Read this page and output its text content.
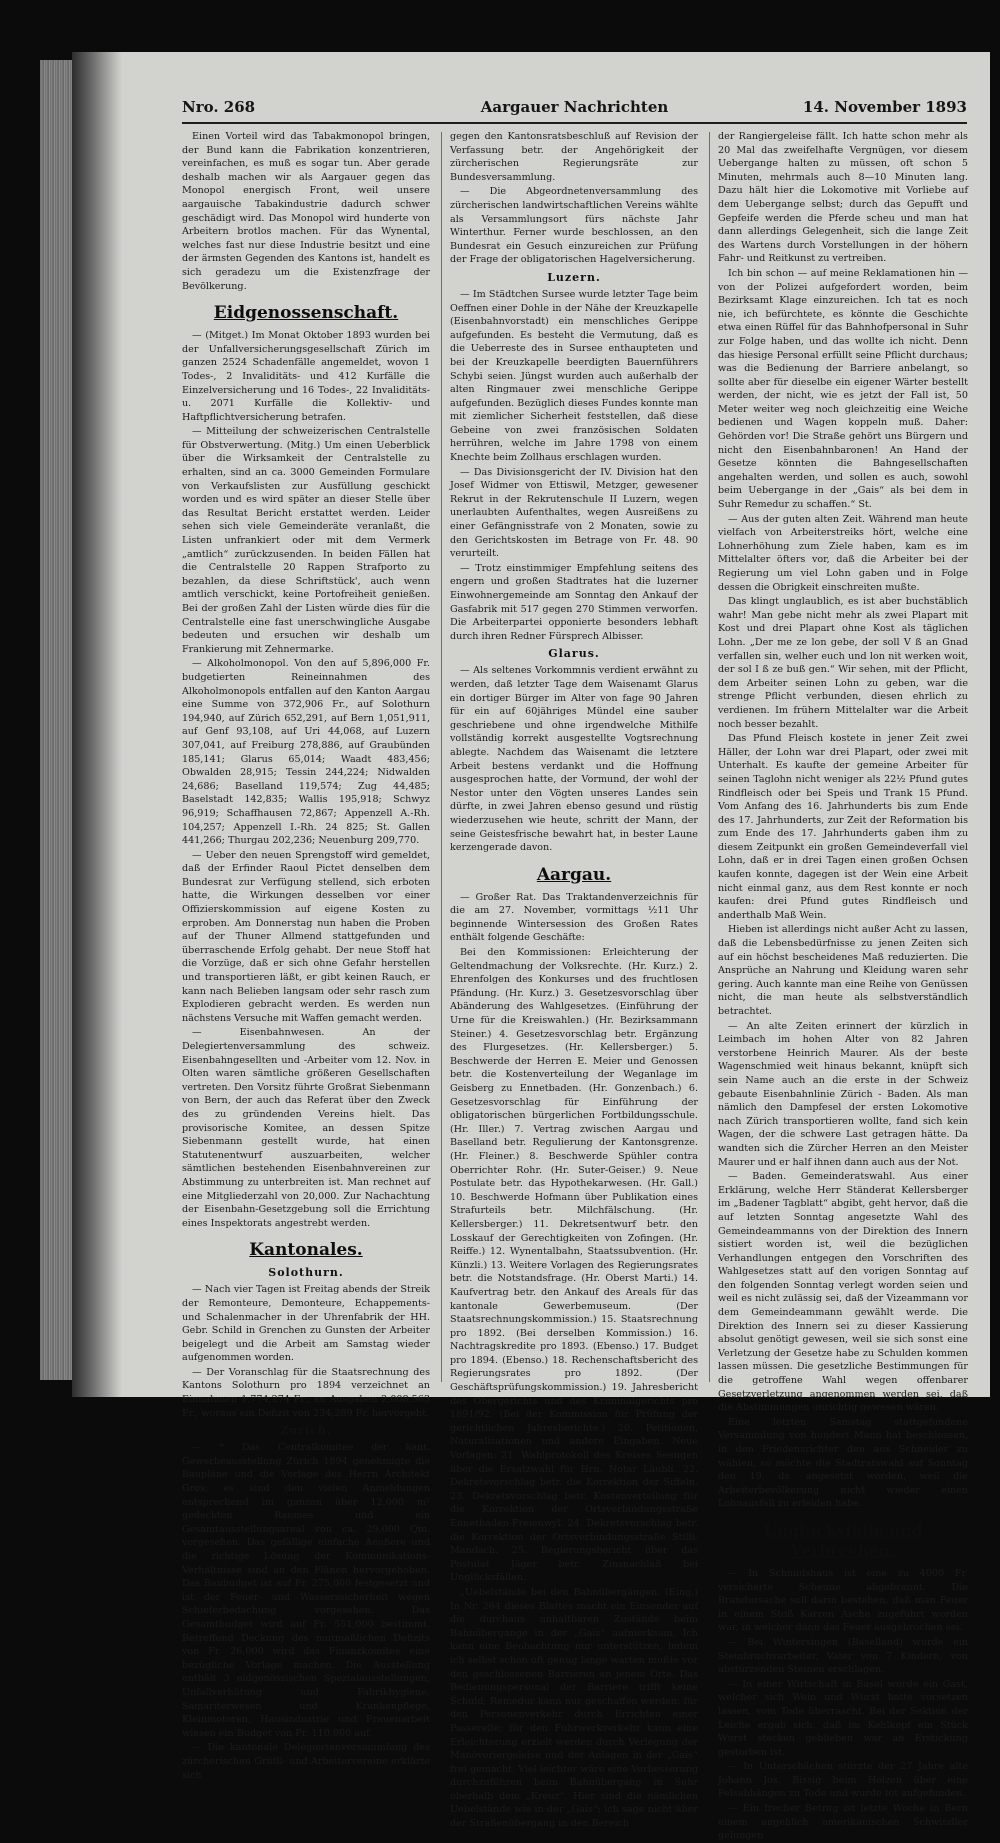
Nro. 268	Aargauer Nachrichten	14. November 1893

Einen Vorteil wird das Tabakmonopol bringen, der Bund kann die Fabrikation konzentrieren, vereinfachen, es muß es sogar tun. Aber gerade deshalb machen wir als Aargauer gegen das Monopol energisch Front, weil unsere aargauische Tabakindustrie dadurch schwer geschädigt wird. Das Monopol wird hunderte von Arbeitern brotlos machen. Für das Wynental, welches fast nur diese Industrie besitzt und eine der ärmsten Gegenden des Kantons ist, handelt es sich geradezu um die Existenzfrage der Bevölkerung.

Eidgenossenschaft.

— (Mitget.) Im Monat Oktober 1893 wurden bei der Unfallversicherungsgesellschaft Zürich im ganzen 2524 Schadenfälle angemeldet, wovon 1 Todes-, 2 Invaliditäts- und 412 Kurfälle die Einzelversicherung und 16 Todes-, 22 Invaliditäts- u. 2071 Kurfälle die Kollektiv- und Haftpflichtversicherung betrafen.

— Mitteilung der schweizerischen Centralstelle für Obstverwertung. (Mitg.) Um einen Ueberblick über die Wirksamkeit der Centralstelle zu erhalten, sind an ca. 3000 Gemeinden Formulare von Verkaufslisten zur Ausfüllung geschickt worden und es wird später an dieser Stelle über das Resultat Bericht erstattet werden. Leider sehen sich viele Gemeinderäte veranlaßt, die Listen unfrankiert oder mit dem Vermerk „amtlich“ zurückzusenden. In beiden Fällen hat die Centralstelle 20 Rappen Strafporto zu bezahlen, da diese Schriftstück', auch wenn amtlich verschickt, keine Portofreiheit genießen. Bei der großen Zahl der Listen würde dies für die Centralstelle eine fast unerschwingliche Ausgabe bedeuten und ersuchen wir deshalb um Frankierung mit Zehnermarke.

— Alkoholmonopol. Von den auf 5,896,000 Fr. budgetierten Reineinnahmen des Alkoholmonopols entfallen auf den Kanton Aargau eine Summe von 372,906 Fr., auf Solothurn 194,940, auf Zürich 652,291, auf Bern 1,051,911, auf Genf 93,108, auf Uri 44,068, auf Luzern 307,041, auf Freiburg 278,886, auf Graubünden 185,141; Glarus 65,014; Waadt 483,456; Obwalden 28,915; Tessin 244,224; Nidwalden 24,686; Baselland 119,574; Zug 44,485; Baselstadt 142,835; Wallis 195,918; Schwyz 96,919; Schaffhausen 72,867; Appenzell A.-Rh. 104,257; Appenzell I.-Rh. 24 825; St. Gallen 441,266; Thurgau 202,236; Neuenburg 209,770.

— Ueber den neuen Sprengstoff wird gemeldet, daß der Erfinder Raoul Pictet denselben dem Bundesrat zur Verfügung stellend, sich erboten hatte, die Wirkungen desselben vor einer Offizierskommission auf eigene Kosten zu erproben. Am Donnerstag nun haben die Proben auf der Thuner Allmend stattgefunden und überraschende Erfolg gehabt. Der neue Stoff hat die Vorzüge, daß er sich ohne Gefahr herstellen und transportieren läßt, er gibt keinen Rauch, er kann nach Belieben langsam oder sehr rasch zum Explodieren gebracht werden. Es werden nun nächstens Versuche mit Waffen gemacht werden.

— Eisenbahnwesen. An der Delegiertenversammlung des schweiz. Eisenbahngesellten und -Arbeiter vom 12. Nov. in Olten waren sämtliche größeren Gesellschaften vertreten. Den Vorsitz führte Großrat Siebenmann von Bern, der auch das Referat über den Zweck des zu gründenden Vereins hielt. Das provisorische Komitee, an dessen Spitze Siebenmann gestellt wurde, hat einen Statutenentwurf auszuarbeiten, welcher sämtlichen bestehenden Eisenbahnvereinen zur Abstimmung zu unterbreiten ist. Man rechnet auf eine Mitgliederzahl von 20,000. Zur Nachachtung der Eisenbahn-Gesetzgebung soll die Errichtung eines Inspektorats angestrebt werden.

Kantonales.
Solothurn.

— Nach vier Tagen ist Freitag abends der Streik der Remonteure, Demonteure, Echappements- und Schalenmacher in der Uhrenfabrik der HH. Gebr. Schild in Grenchen zu Gunsten der Arbeiter beigelegt und die Arbeit am Samstag wieder aufgenommen worden.

— Der Voranschlag für die Staatsrechnung des Kantons Solothurn pro 1894 verzeichnet an Einnahmen 1,774,274 Fr., an Ausgaben 2,008,563 Fr., woraus ein Defizit von 234,289 Fr. hervorgeht.

Zürich.

— * Das Centralkomitee der kant. Gewerbeausstellung Zürich 1894 genehmigte die Baupläne und die Vorlage des Herrn Architekt Gros; es sind den vielen Anmeldungen entsprechend im ganzen über 12,000 m² gedeckten Raumes und ein Gesamtausstellungsareal von ca. 29,000 Qm. vorgesehen. Das gefällige einfache Aeußere und die richtige Lösung der Kommunikations-Verhältnisse sind an den Plänen hervorgehoben. Das Baubudget ist auf Fr. 275,000 festgesetzt und ist der Feuer- und Wasserssicherheit wegen Schieferbedachung vorgesehen. Das Gesamtbudget wird auf Fr. 551,000 bestimmt. Betreffend Deckung des mutmaßlichen Defizits von Fr. 26,000 wird das Finanzkomitee eine bezügliche Vorlage machen. Die Ausstellung enthält 3 eidgenössischen Spezialausstellungen, Unfallverhütung und Fabrikhygiene, Samariterwesen und Krankenpflege, Kleinmotoren, Hausindustrie und Frauenarbeit wiesen ein Budget von Fr. 110,000 auf.

— Die kantonale Delegiertenversammlung des zürcherischen Grütli- und Arbeitervereine erklärte sich

gegen den Kantonsratsbeschluß auf Revision der Verfassung betr. der Angehörigkeit der zürcherischen Regierungsräte zur Bundesversammlung.

— Die Abgeordnetenversammlung des zürcherischen landwirtschaftlichen Vereins wählte als Versammlungsort fürs nächste Jahr Winterthur. Ferner wurde beschlossen, an den Bundesrat ein Gesuch einzureichen zur Prüfung der Frage der obligatorischen Hagelversicherung.

Luzern.

— Im Städtchen Sursee wurde letzter Tage beim Oeffnen einer Dohle in der Nähe der Kreuzkapelle (Eisenbahnvorstadt) ein menschliches Gerippe aufgefunden. Es besteht die Vermutung, daß es die Ueberreste des in Sursee enthaupteten und bei der Kreuzkapelle beerdigten Bauernführers Schybi seien. Jüngst wurden auch außerhalb der alten Ringmauer zwei menschliche Gerippe aufgefunden. Bezüglich dieses Fundes konnte man mit ziemlicher Sicherheit feststellen, daß diese Gebeine von zwei französischen Soldaten herrühren, welche im Jahre 1798 von einem Knechte beim Zollhaus erschlagen wurden.

— Das Divisionsgericht der IV. Division hat den Josef Widmer von Ettiswil, Metzger, gewesener Rekrut in der Rekrutenschule II Luzern, wegen unerlaubten Aufenthaltes, wegen Ausreißens zu einer Gefängnisstrafe von 2 Monaten, sowie zu den Gerichtskosten im Betrage von Fr. 48. 90 verurteilt.

— Trotz einstimmiger Empfehlung seitens des engern und großen Stadtrates hat die luzerner Einwohnergemeinde am Sonntag den Ankauf der Gasfabrik mit 517 gegen 270 Stimmen verworfen. Die Arbeiterpartei opponierte besonders lebhaft durch ihren Redner Fürsprech Albisser.

Glarus.

— Als seltenes Vorkommnis verdient erwähnt zu werden, daß letzter Tage dem Waisenamt Glarus ein dortiger Bürger im Alter von fage 90 Jahren für ein auf 60jähriges Mündel eine sauber geschriebene und ohne irgendwelche Mithilfe vollständig korrekt ausgestellte Vogtsrechnung ablegte. Nachdem das Waisenamt die letztere Arbeit bestens verdankt und die Hoffnung ausgesprochen hatte, der Vormund, der wohl der Nestor unter den Vögten unseres Landes sein dürfte, in zwei Jahren ebenso gesund und rüstig wiederzusehen wie heute, schritt der Mann, der seine Geistesfrische bewahrt hat, in bester Laune kerzengerade davon.

Aargau.

— Großer Rat. Das Traktandenverzeichnis für die am 27. November, vormittags ½11 Uhr beginnende Wintersession des Großen Rates enthält folgende Geschäfte:

Bei den Kommissionen: Erleichterung der Geltendmachung der Volksrechte. (Hr. Kurz.) 2. Ehrenfolgen des Konkurses und des fruchtlosen Pfändung. (Hr. Kurz.) 3. Gesetzesvorschlag über Abänderung des Wahlgesetzes. (Einführung der Urne für die Kreiswahlen.) (Hr. Bezirksammann Steiner.) 4. Gesetzesvorschlag betr. Ergänzung des Flurgesetzes. (Hr. Kellersberger.) 5. Beschwerde der Herren E. Meier und Genossen betr. die Kostenverteilung der Weganlage im Geisberg zu Ennetbaden. (Hr. Gonzenbach.) 6. Gesetzesvorschlag für Einführung der obligatorischen bürgerlichen Fortbildungsschule. (Hr. Iller.) 7. Vertrag zwischen Aargau und Baselland betr. Regulierung der Kantonsgrenze. (Hr. Fleiner.) 8. Beschwerde Spühler contra Oberrichter Rohr. (Hr. Suter-Geiser.) 9. Neue Postulate betr. das Hypothekarwesen. (Hr. Gall.) 10. Beschwerde Hofmann über Publikation eines Strafurteils betr. Milchfälschung. (Hr. Kellersberger.) 11. Dekretsentwurf betr. den Losskauf der Gerechtigkeiten von Zofingen. (Hr. Reiffe.) 12. Wynentalbahn, Staatssubvention. (Hr. Künzli.) 13. Weitere Vorlagen des Regierungsrates betr. die Notstandsfrage. (Hr. Oberst Marti.) 14. Kaufvertrag betr. den Ankauf des Areals für das kantonale Gewerbemuseum. (Der Staatsrechnungskommission.) 15. Staatsrechnung pro 1892. (Bei derselben Kommission.) 16. Nachtragskredite pro 1893. (Ebenso.) 17. Budget pro 1894. (Ebenso.) 18. Rechenschaftsbericht des Regierungsrates pro 1892. (Der Geschäftsprüfungskommission.) 19. Jahresbericht des Obergerichts und des Kriminalgerichts pro 1891/92. (Bei der Kommission für Prüfung der gerichtlichen Jahresberichte.) 20. Petitionen, Naturalisationen und andere Eingaben. Neue Vorlagen: 21. Wahlprotokoll des Kreises Seengen über die Ersatzwahl für Hrn. Notar Läubli. 22. Dekretsvorschlag betr. die Korrektion der Siffeln. 23. Dekretsvorschlag betr. Kostenverteilung für die Korrektion der Ortsverbindungsstraße Ennetbaden-Freienwyl. 24. Dekretsvorschlag betr. die Korrektion der Ortsverbindungsstraße Stilli-Mandach. 25. Regierungsbericht über das Postulat Jäger betr. Zinsnachlaß bei Unglücksfällen.

„Uebelstände bei den Bahnübergängen. (Eing.) In Nr. 264 dieses Blattes macht ein Einsender auf die durchaus unhaltbaren Zustände beim Bahnübergange in der „Gais“ aufmerksam. Ich kann eine Beobachtung nur unterstützen, indem ich selbst schon oft genug lange warten mußte vor den geschlossenen Barrieren an jenem Orte. Das Bedienungspersonal der Barriere trifft keine Schuld; Remedur kann nur geschaffen werden: für den Personenverkehr durch Errichten einer Passerelle; für den Fuhrwerkverkehr kann eine Erleichterung erzielt werden durch Verlegung der Manöveriergeleise und der Anlagen in der „Gais“ frei gemacht. Viel leichter wäre eine Verbesserung durchzuführen beim Bahnübergang in Suhr oberhalb dem „Kreuz“. Hier sind die nämlichen Uebelstände wie in der „Gais“; ich sage nicht über der Straßenübergang in den Bereich

der Rangiergeleise fällt. Ich hatte schon mehr als 20 Mal das zweifelhafte Vergnügen, vor diesem Uebergange halten zu müssen, oft schon 5 Minuten, mehrmals auch 8—10 Minuten lang. Dazu hält hier die Lokomotive mit Vorliebe auf dem Uebergange selbst; durch das Gepufft und Gepfeife werden die Pferde scheu und man hat dann allerdings Gelegenheit, sich die lange Zeit des Wartens durch Vorstellungen in der höhern Fahr- und Reitkunst zu vertreiben.

Ich bin schon — auf meine Reklamationen hin — von der Polizei aufgefordert worden, beim Bezirksamt Klage einzureichen. Ich tat es noch nie, ich befürchtete, es könnte die Geschichte etwa einen Rüffel für das Bahnhofpersonal in Suhr zur Folge haben, und das wollte ich nicht. Denn das hiesige Personal erfüllt seine Pflicht durchaus; was die Bedienung der Barriere anbelangt, so sollte aber für dieselbe ein eigener Wärter bestellt werden, der nicht, wie es jetzt der Fall ist, 50 Meter weiter weg noch gleichzeitig eine Weiche bedienen und Wagen koppeln muß. Daher: Gehörden vor! Die Straße gehört uns Bürgern und nicht den Eisenbahnbaronen! An Hand der Gesetze könnten die Bahngesellschaften angehalten werden, und sollen es auch, sowohl beim Uebergange in der „Gais“ als bei dem in Suhr Remedur zu schaffen.“ St.

— Aus der guten alten Zeit. Während man heute vielfach von Arbeiterstreiks hört, welche eine Lohnerhöhung zum Ziele haben, kam es im Mittelalter öfters vor, daß die Arbeiter bei der Regierung um viel Lohn gaben und in Folge dessen die Obrigkeit einschreiten mußte.

Das klingt unglaublich, es ist aber buchstäblich wahr! Man gebe nicht mehr als zwei Plapart mit Kost und drei Plapart ohne Kost als täglichen Lohn. „Der me ze lon gebe, der soll V ß an Gnad verfallen sin, welher euch und lon nit werken woit, der sol I ß ze buß gen.“ Wir sehen, mit der Pflicht, dem Arbeiter seinen Lohn zu geben, war die strenge Pflicht verbunden, diesen ehrlich zu verdienen. Im frühern Mittelalter war die Arbeit noch besser bezahlt.

Das Pfund Fleisch kostete in jener Zeit zwei Häller, der Lohn war drei Plapart, oder zwei mit Unterhalt. Es kaufte der gemeine Arbeiter für seinen Taglohn nicht weniger als 22½ Pfund gutes Rindfleisch oder bei Speis und Trank 15 Pfund. Vom Anfang des 16. Jahrhunderts bis zum Ende des 17. Jahrhunderts, zur Zeit der Reformation bis zum Ende des 17. Jahrhunderts gaben ihm zu diesem Zeitpunkt ein großen Gemeindeverfall viel Lohn, daß er in drei Tagen einen großen Ochsen kaufen konnte, dagegen ist der Wein eine Arbeit nicht einmal ganz, aus dem Rest konnte er noch kaufen: drei Pfund gutes Rindfleisch und anderthalb Maß Wein.

Hieben ist allerdings nicht außer Acht zu lassen, daß die Lebensbedürfnisse zu jenen Zeiten sich auf ein höchst bescheidenes Maß reduzierten. Die Ansprüche an Nahrung und Kleidung waren sehr gering. Auch kannte man eine Reihe von Genüssen nicht, die man heute als selbstverständlich betrachtet.

— An alte Zeiten erinnert der kürzlich in Leimbach im hohen Alter von 82 Jahren verstorbene Heinrich Maurer. Als der beste Wagenschmied weit hinaus bekannt, knüpft sich sein Name auch an die erste in der Schweiz gebaute Eisenbahnlinie Zürich - Baden. Als man nämlich den Dampfesel der ersten Lokomotive nach Zürich transportieren wollte, fand sich kein Wagen, der die schwere Last getragen hätte. Da wandten sich die Zürcher Herren an den Meister Maurer und er half ihnen dann auch aus der Not.

— Baden. Gemeinderatswahl. Aus einer Erklärung, welche Herr Ständerat Kellersberger im „Badener Tagblatt“ abgibt, geht hervor, daß die auf letzten Sonntag angesetzte Wahl des Gemeindeammanns von der Direktion des Innern sistiert worden ist, weil die bezüglichen Verhandlungen entgegen den Vorschriften des Wahlgesetzes statt auf den vorigen Sonntag auf den folgenden Sonntag verlegt worden seien und weil es nicht zulässig sei, daß der Vizeammann vor dem Gemeindeammann gewählt werde. Die Direktion des Innern sei zu dieser Kassierung absolut genötigt gewesen, weil sie sich sonst eine Verletzung der Gesetze habe zu Schulden kommen lassen müssen. Die gesetzliche Bestimmungen für die getroffene Wahl wegen offenbarer Gesetzverletzung angenommen werden sei, daß die Abstimmungen unrichtig gewesen wären.

Eine letzten Samstag stattgefundene Versammlung von hundert Mann hat beschlossen, in den Friedensrichter den aus Schneider zu wählen, so möchte die Stadtratswahl auf Sonntag den 19. ds. angesetzt worden, weil die Arbeiterbevölkerung nicht wieder einen Lohnausfall zu erleiden habe.

Unglücksfälle und Verbrechen.

— In Schmidshaus ist eine zu 4000 Fr. versicherte Scheune abgebrannt. Die Brandursache soll darin bestehen, daß man Feuer in einem Stoß Karren Asche zugeführt worden war, in welcher dann das Feuer ausgebrochen sei.

— Bei Wintersingen (Baselland) wurde ein Steinbruchvarbeiter, Vater von 7 Kindern, von abstürzenden Steinen erschlagen.

— In einer Wirtschaft in Basel wurde ein Gast, welcher sich Wein und Wurst hatte vorsetzen lassen, vom Tode überrascht. Bei der Sektion der Leiche ergab sich, daß im Kehlkopf ein Stück Wurst stecken geblieben war an Erstickung gestorben ist.

— In Unterschächen stürzte der 27 Jahre alte Johann Jos. Bissig beim Holzen über eine Felsabhängen zu Tode und wurde tot aufgefunden.

— Ein frecher Betrug ist letzte Woche in Bern einem angeblich amerikanischen Schwindler gelungen
